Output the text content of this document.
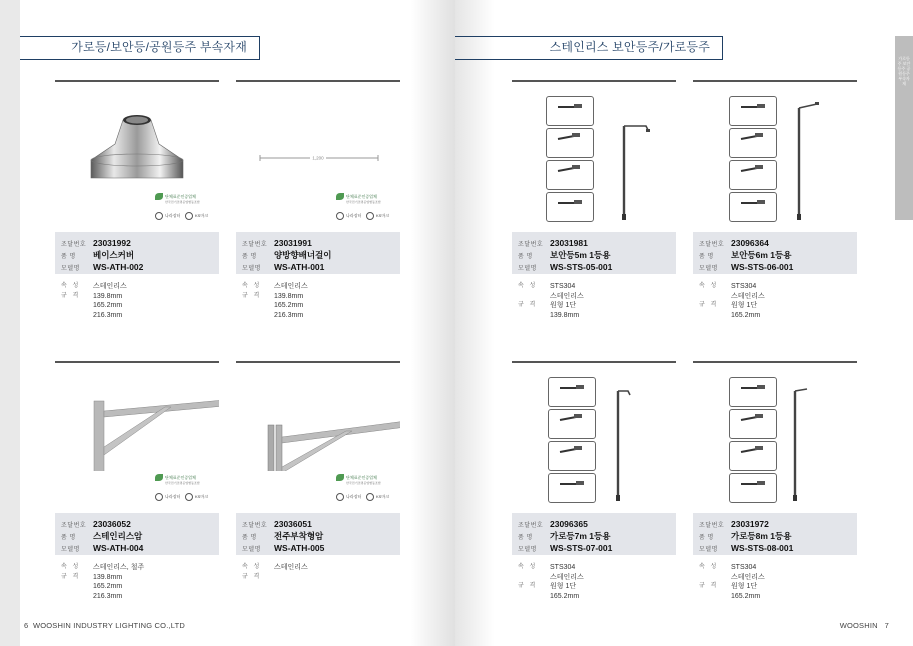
가로등/보안등/공원등주 부속자재
단체표준인증업체
한국전기조명공업협동조합
나라장터	KS마크
조달번호 23031992
품 명	베이스커버
모델명	WS-ATH-002
속 성	스테인리스
규 격	139.8mm
165.2mm
216.3mm
1,200
단체표준인증업체
한국전기조명공업협동조합
나라장터	KS마크
조달번호 23031991
품 명	양방향배너걸이
모델명	WS-ATH-001
속 성	스테인리스
규 격	139.8mm
165.2mm
216.3mm
단체표준인증업체
한국전기조명공업협동조합
나라장터	KS마크
조달번호 23036052
품 명	스테인리스암
모델명	WS-ATH-004
속 성	스테인리스, 철주
규 격	139.8mm
165.2mm
216.3mm
단체표준인증업체
한국전기조명공업협동조합
나라장터	KS마크
조달번호 23036051
품 명	전주부착형암
모델명	WS-ATH-005
속 성	스테인리스
규 격
6 WOOSHIN INDUSTRY LIGHTING CO.,LTD
스테인리스 보안등주/가로등주
가로등주 보안등주 공원등주 부속자재
조달번호 23031981
품 명	보안등5m 1등용
모델명	WS-STS-05-001
속 성	STS304
스테인리스
규 격	원형 1단
139.8mm
조달번호 23096364
품 명	보안등6m 1등용
모델명	WS-STS-06-001
속 성	STS304
스테인리스
규 격	원형 1단
165.2mm
조달번호 23096365
품 명	가로등7m 1등용
모델명	WS-STS-07-001
속 성	STS304
스테인리스
규 격	원형 1단
165.2mm
조달번호 23031972
품 명	가로등8m 1등용
모델명	WS-STS-08-001
속 성	STS304
스테인리스
규 격	원형 1단
165.2mm
WOOSHIN 7
